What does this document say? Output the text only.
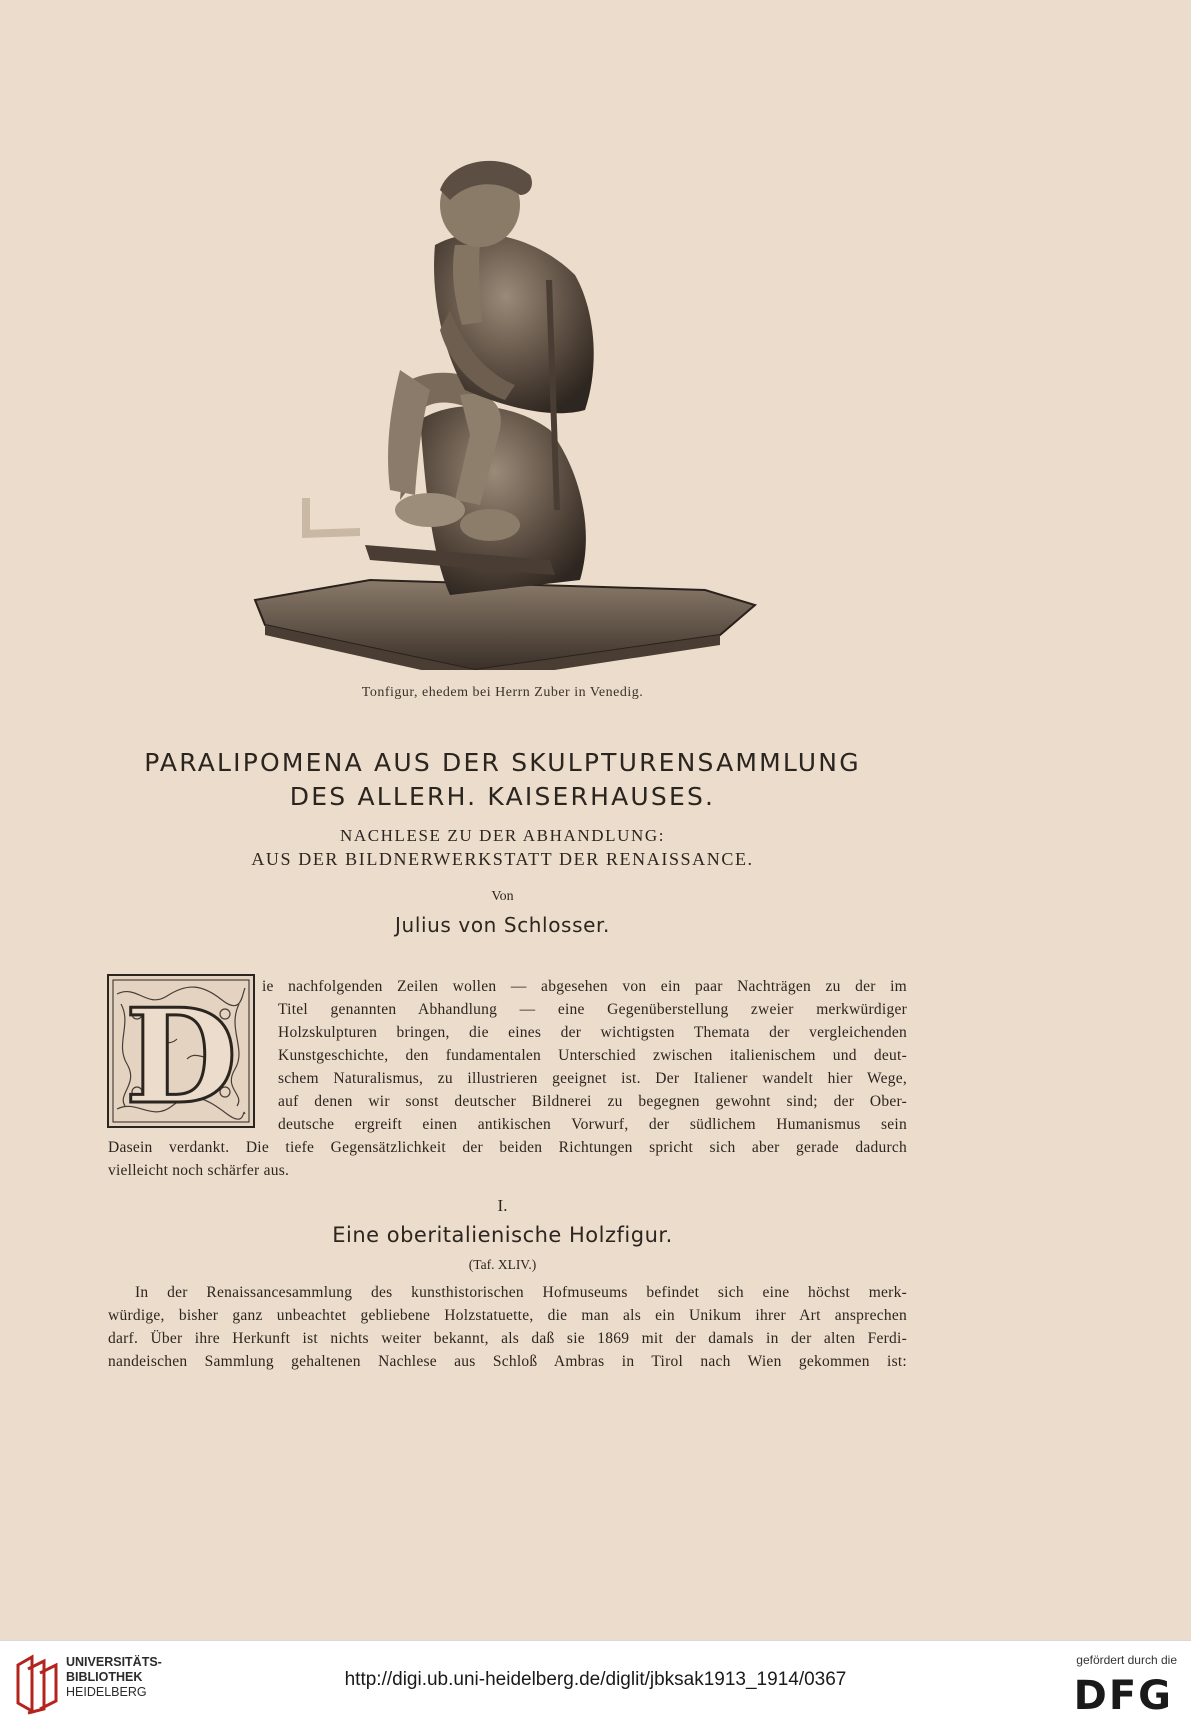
Tonfigur, ehedem bei Herrn Zuber in Venedig.
PARALIPOMENA AUS DER SKULPTURENSAMMLUNG
DES ALLERH. KAISERHAUSES.
NACHLESE ZU DER ABHANDLUNG:
AUS DER BILDNERWERKSTATT DER RENAISSANCE.
Von
Julius von Schlosser.
D ie nachfolgenden Zeilen wollen — abgesehen von ein paar Nachträgen zu der im
Titel genannten Abhandlung — eine Gegenüberstellung zweier merkwürdiger
Holzskulpturen bringen, die eines der wichtigsten Themata der vergleichenden
Kunstgeschichte, den fundamentalen Unterschied zwischen italienischem und deut-
schem Naturalismus, zu illustrieren geeignet ist. Der Italiener wandelt hier Wege,
auf denen wir sonst deutscher Bildnerei zu begegnen gewohnt sind; der Ober-
deutsche ergreift einen antikischen Vorwurf, der südlichem Humanismus sein
Dasein verdankt. Die tiefe Gegensätzlichkeit der beiden Richtungen spricht sich aber gerade dadurch
vielleicht noch schärfer aus.
I.
Eine oberitalienische Holzfigur.
(Taf. XLIV.)
In der Renaissancesammlung des kunsthistorischen Hofmuseums befindet sich eine höchst merk-
würdige, bisher ganz unbeachtet gebliebene Holzstatuette, die man als ein Unikum ihrer Art ansprechen
darf. Über ihre Herkunft ist nichts weiter bekannt, als daß sie 1869 mit der damals in der alten Ferdi-
nandeischen Sammlung gehaltenen Nachlese aus Schloß Ambras in Tirol nach Wien gekommen ist:
UNIVERSITÄTS-
BIBLIOTHEK
HEIDELBERG
http://digi.ub.uni-heidelberg.de/diglit/jbksak1913_1914/0367
gefördert durch die
DFG
